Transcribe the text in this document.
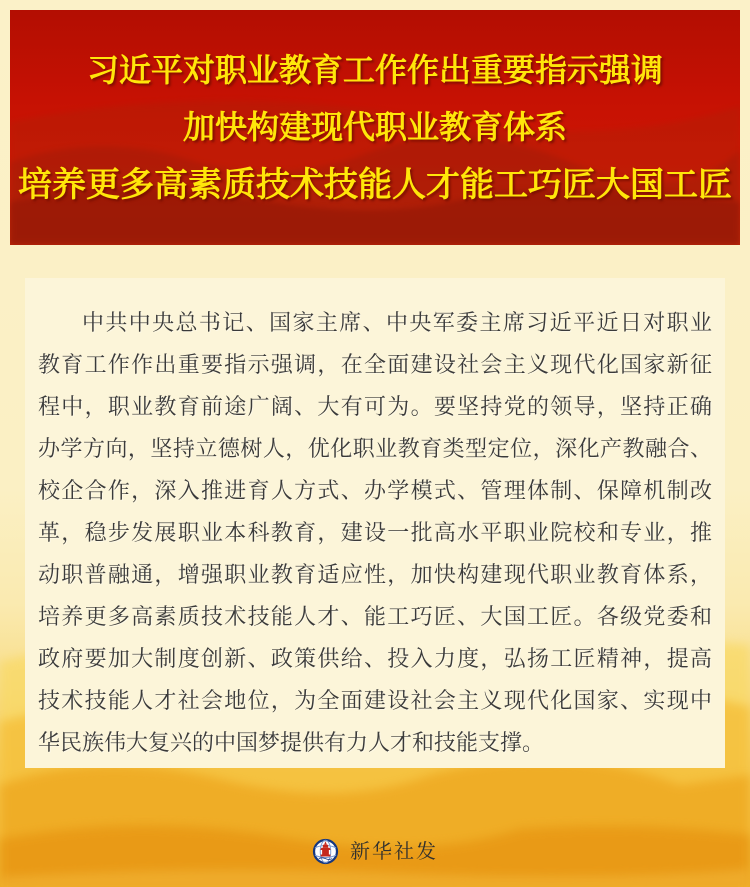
习近平对职业教育工作作出重要指示强调
加快构建现代职业教育体系
培养更多高素质技术技能人才能工巧匠大国工匠
中共中央总书记、国家主席、中央军委主席习近平近日对职业
教育工作作出重要指示强调，在全面建设社会主义现代化国家新征
程中，职业教育前途广阔、大有可为。要坚持党的领导，坚持正确
办学方向，坚持立德树人，优化职业教育类型定位，深化产教融合、
校企合作，深入推进育人方式、办学模式、管理体制、保障机制改
革，稳步发展职业本科教育，建设一批高水平职业院校和专业，推
动职普融通，增强职业教育适应性，加快构建现代职业教育体系，
培养更多高素质技术技能人才、能工巧匠、大国工匠。各级党委和
政府要加大制度创新、政策供给、投入力度，弘扬工匠精神，提高
技术技能人才社会地位，为全面建设社会主义现代化国家、实现中
华民族伟大复兴的中国梦提供有力人才和技能支撑。
新华社发
